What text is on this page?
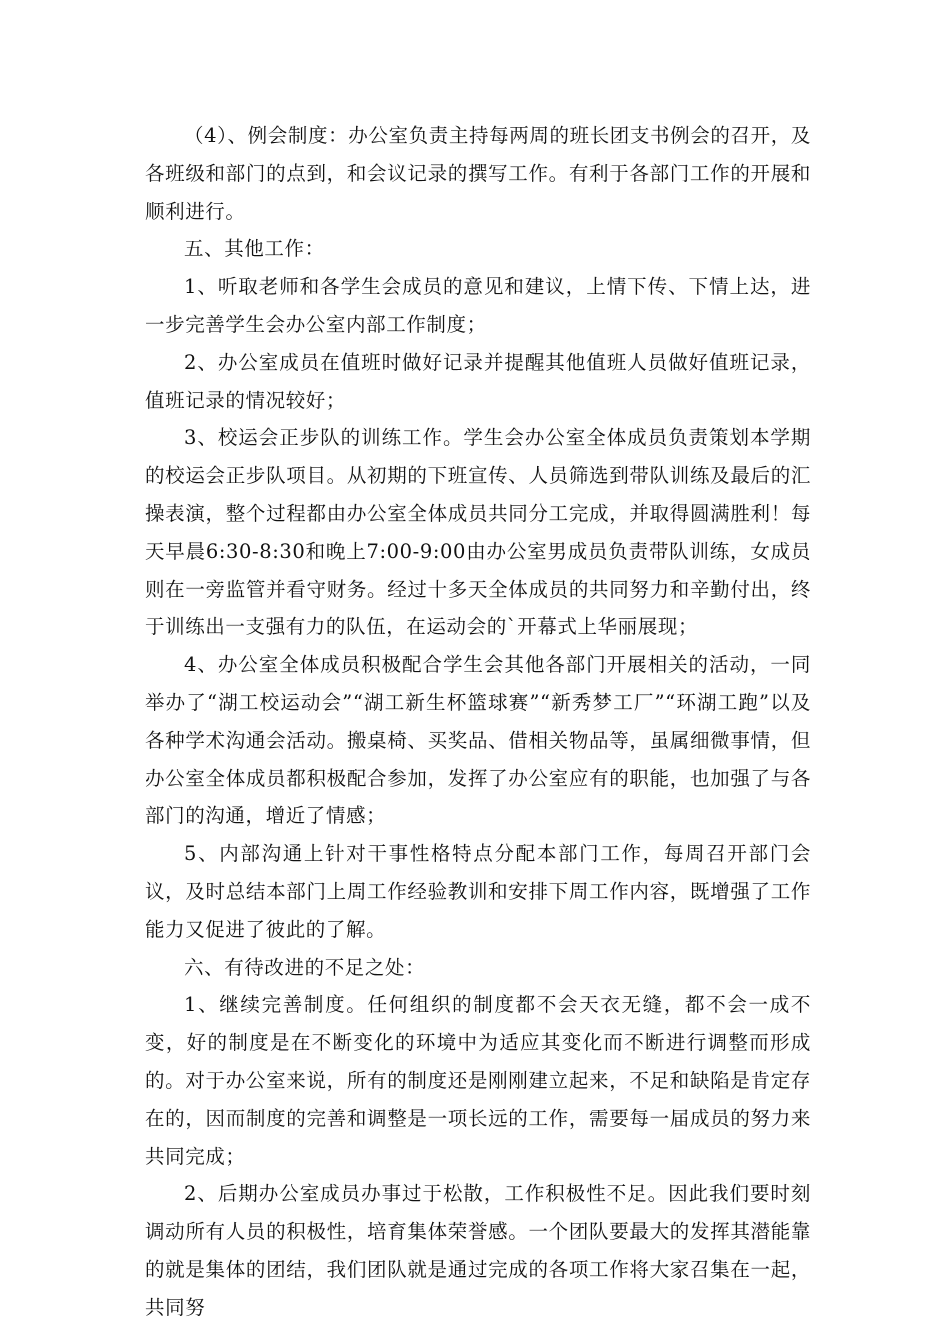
（4）、例会制度：办公室负责主持每两周的班长团支书例会的召开，及各班级和部门的点到，和会议记录的撰写工作。有利于各部门工作的开展和顺利进行。

五、其他工作：

1、听取老师和各学生会成员的意见和建议，上情下传、下情上达，进一步完善学生会办公室内部工作制度；

2、办公室成员在值班时做好记录并提醒其他值班人员做好值班记录，值班记录的情况较好；

3、校运会正步队的训练工作。学生会办公室全体成员负责策划本学期的校运会正步队项目。从初期的下班宣传、人员筛选到带队训练及最后的汇操表演，整个过程都由办公室全体成员共同分工完成，并取得圆满胜利！每天早晨6:30-8:30和晚上7:00-9:00由办公室男成员负责带队训练，女成员则在一旁监管并看守财务。经过十多天全体成员的共同努力和辛勤付出，终于训练出一支强有力的队伍，在运动会的`开幕式上华丽展现；

4、办公室全体成员积极配合学生会其他各部门开展相关的活动，一同举办了“湖工校运动会”“湖工新生杯篮球赛”“新秀梦工厂”“环湖工跑”以及各种学术沟通会活动。搬桌椅、买奖品、借相关物品等，虽属细微事情，但办公室全体成员都积极配合参加，发挥了办公室应有的职能，也加强了与各部门的沟通，增近了情感；

5、内部沟通上针对干事性格特点分配本部门工作，每周召开部门会议，及时总结本部门上周工作经验教训和安排下周工作内容，既增强了工作能力又促进了彼此的了解。

六、有待改进的不足之处：

1、继续完善制度。任何组织的制度都不会天衣无缝，都不会一成不变，好的制度是在不断变化的环境中为适应其变化而不断进行调整而形成的。对于办公室来说，所有的制度还是刚刚建立起来，不足和缺陷是肯定存在的，因而制度的完善和调整是一项长远的工作，需要每一届成员的努力来共同完成；

2、后期办公室成员办事过于松散，工作积极性不足。因此我们要时刻调动所有人员的积极性，培育集体荣誉感。一个团队要最大的发挥其潜能靠的就是集体的团结，我们团队就是通过完成的各项工作将大家召集在一起，共同努
